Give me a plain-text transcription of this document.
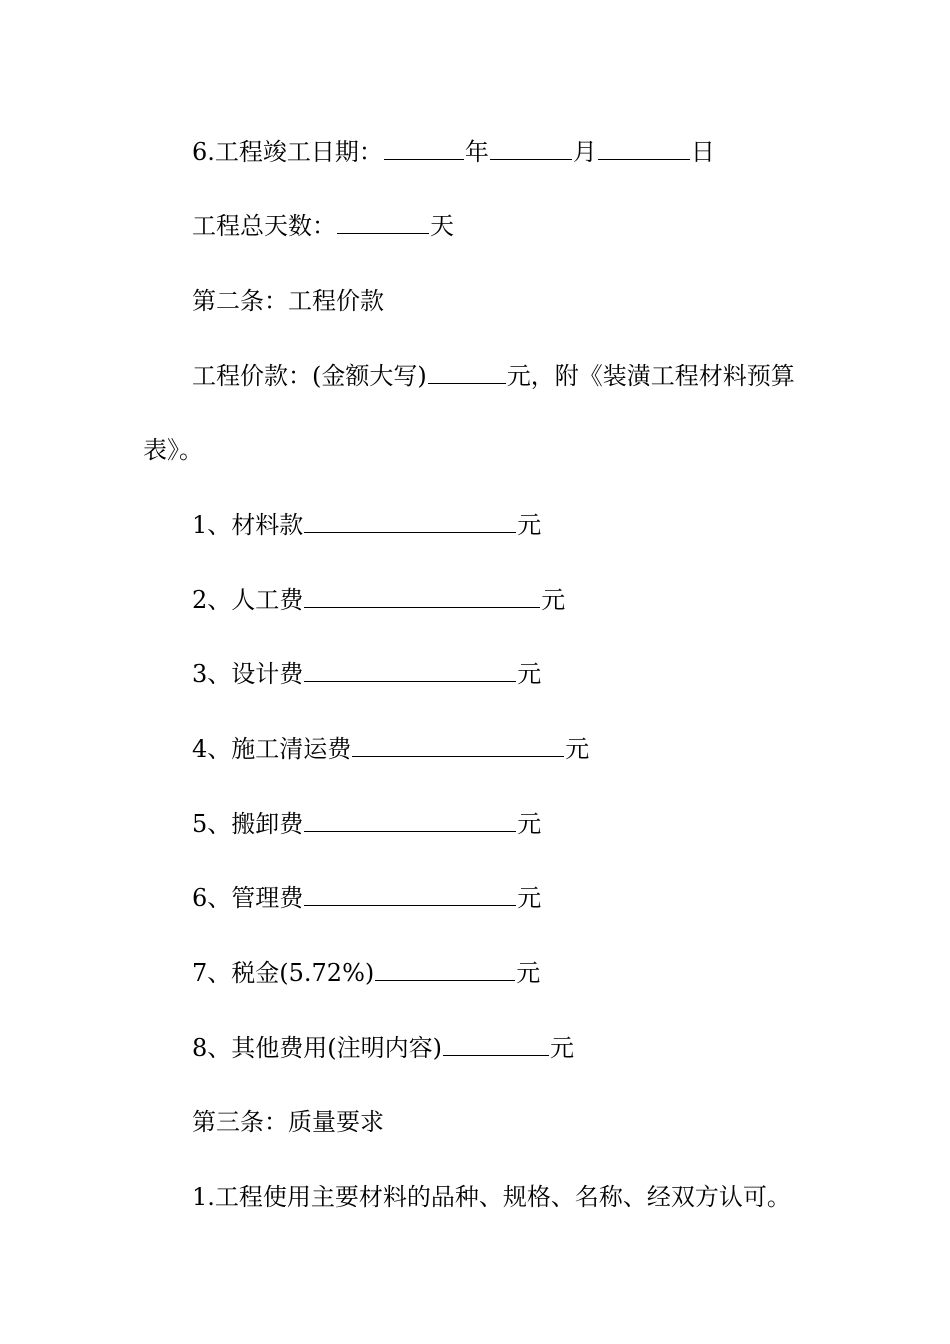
6.工程竣工日期：	年	月	日
工程总天数：	天
第二条：工程价款
工程价款：(金额大写)	元，附《装潢工程材料预算
表》。
1、材料款	元
2、人工费	元
3、设计费	元
4、施工清运费	元
5、搬卸费	元
6、管理费	元
7、税金(5.72%)	元
8、其他费用(注明内容)	元
第三条：质量要求
1.工程使用主要材料的品种、规格、名称、经双方认可。
